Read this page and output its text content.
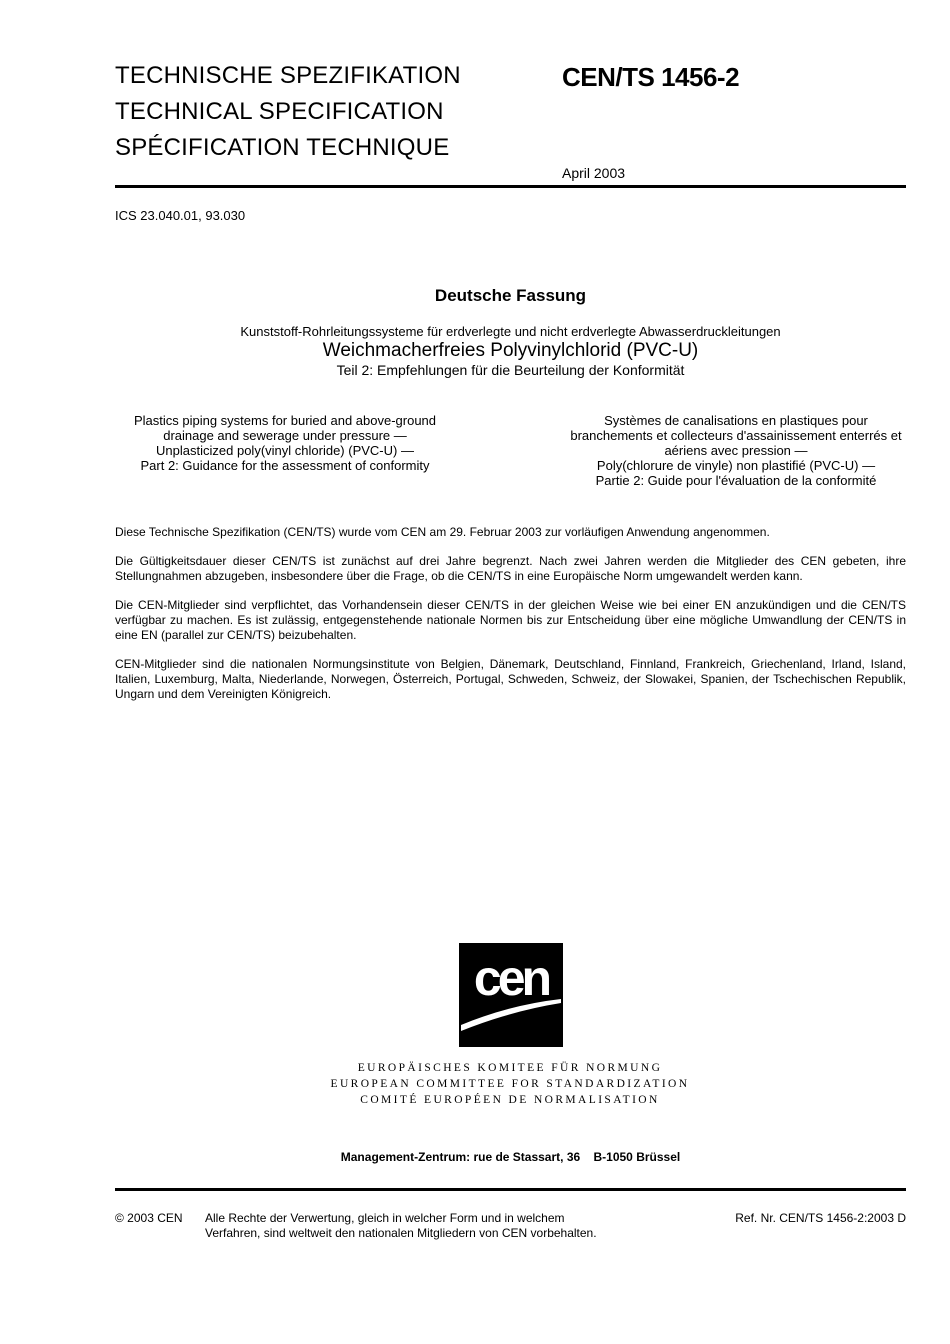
TECHNISCHE SPEZIFIKATION
TECHNICAL SPECIFICATION
SPÉCIFICATION TECHNIQUE
CEN/TS 1456-2
April 2003
ICS 23.040.01, 93.030

Deutsche Fassung

Kunststoff-Rohrleitungssysteme für erdverlegte und nicht erdverlegte Abwasserdruckleitungen

Weichmacherfreies Polyvinylchlorid (PVC-U)

Teil 2: Empfehlungen für die Beurteilung der Konformität

Plastics piping systems for buried and above-ground
drainage and sewerage under pressure —
Unplasticized poly(vinyl chloride) (PVC-U) —
Part 2: Guidance for the assessment of conformity
Systèmes de canalisations en plastiques pour
branchements et collecteurs d'assainissement enterrés et
aériens avec pression —
Poly(chlorure de vinyle) non plastifié (PVC-U) —
Partie 2: Guide pour l'évaluation de la conformité

Diese Technische Spezifikation (CEN/TS) wurde vom CEN am 29. Februar 2003 zur vorläufigen Anwendung angenommen.

Die Gültigkeitsdauer dieser CEN/TS ist zunächst auf drei Jahre begrenzt. Nach zwei Jahren werden die Mitglieder des CEN gebeten, ihre Stellungnahmen abzugeben, insbesondere über die Frage, ob die CEN/TS in eine Europäische Norm umgewandelt werden kann.

Die CEN-Mitglieder sind verpflichtet, das Vorhandensein dieser CEN/TS in der gleichen Weise wie bei einer EN anzukündigen und die CEN/TS verfügbar zu machen. Es ist zulässig, entgegenstehende nationale Normen bis zur Entscheidung über eine mögliche Umwandlung der CEN/TS in eine EN (parallel zur CEN/TS) beizubehalten.

CEN-Mitglieder sind die nationalen Normungsinstitute von Belgien, Dänemark, Deutschland, Finnland, Frankreich, Griechenland, Irland, Island, Italien, Luxemburg, Malta, Niederlande, Norwegen, Österreich, Portugal, Schweden, Schweiz, der Slowakei, Spanien, der Tschechischen Republik, Ungarn und dem Vereinigten Königreich.

cen
EUROPÄISCHES KOMITEE FÜR NORMUNG
EUROPEAN COMMITTEE FOR STANDARDIZATION
COMITÉ EUROPÉEN DE NORMALISATION
Management-Zentrum: rue de Stassart, 36    B-1050 Brüssel
© 2003 CEN Alle Rechte der Verwertung, gleich in welcher Form und in welchem
Verfahren, sind weltweit den nationalen Mitgliedern von CEN vorbehalten.
Ref. Nr. CEN/TS 1456-2:2003 D
